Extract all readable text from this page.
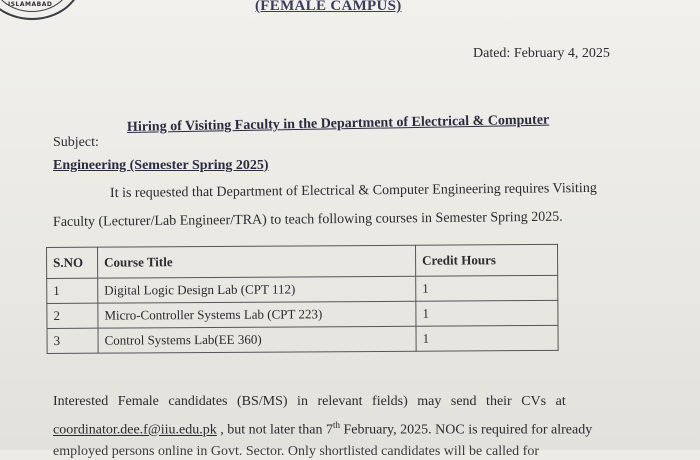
ISLAMABAD	(FEMALE CAMPUS)
Dated: February 4, 2025
Subject:
Hiring of Visiting Faculty in the Department of Electrical & Computer
Engineering (Semester Spring 2025)
It is requested that Department of Electrical & Computer Engineering requires Visiting
Faculty (Lecturer/Lab Engineer/TRA) to teach following courses in Semester Spring 2025.
S.NO	Course Title	Credit Hours
1	Digital Logic Design Lab (CPT 112)	1
2	Micro-Controller Systems Lab (CPT 223)	1
3	Control Systems Lab(EE 360)	1
Interested Female candidates (BS/MS) in relevant fields) may send their CVs at
coordinator.dee.f@iiu.edu.pk , but not later than 7th February, 2025. NOC is required for already
employed persons online in Govt. Sector. Only shortlisted candidates will be called for
